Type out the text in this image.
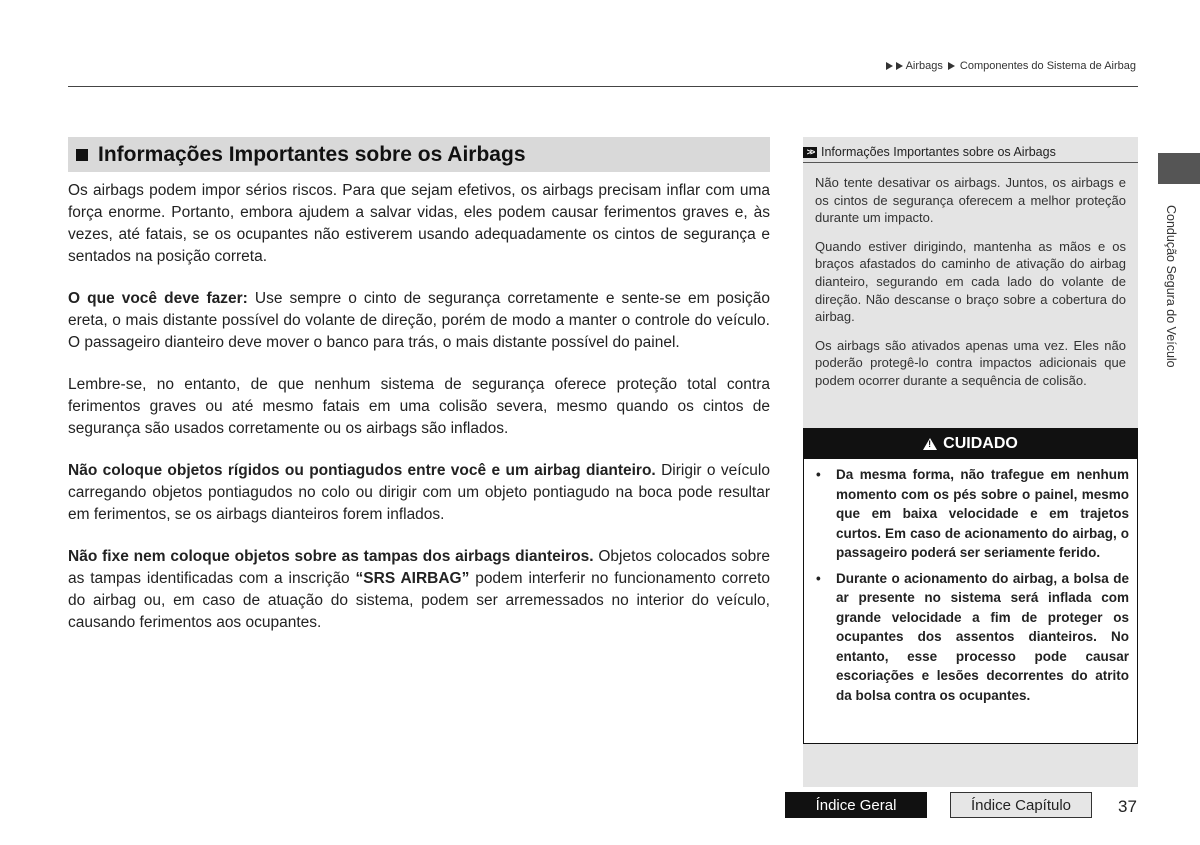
Airbags Componentes do Sistema de Airbag
Informações Importantes sobre os Airbags

Os airbags podem impor sérios riscos. Para que sejam efetivos, os airbags precisam inflar com uma força enorme. Portanto, embora ajudem a salvar vidas, eles podem causar ferimentos graves e, às vezes, até fatais, se os ocupantes não estiverem usando adequadamente os cintos de segurança e sentados na posição correta.

O que você deve fazer: Use sempre o cinto de segurança corretamente e sente-se em posição ereta, o mais distante possível do volante de direção, porém de modo a manter o controle do veículo. O passageiro dianteiro deve mover o banco para trás, o mais distante possível do painel.

Lembre-se, no entanto, de que nenhum sistema de segurança oferece proteção total contra ferimentos graves ou até mesmo fatais em uma colisão severa, mesmo quando os cintos de segurança são usados corretamente ou os airbags são inflados.

Não coloque objetos rígidos ou pontiagudos entre você e um airbag dianteiro. Dirigir o veículo carregando objetos pontiagudos no colo ou dirigir com um objeto pontiagudo na boca pode resultar em ferimentos, se os airbags dianteiros forem inflados.

Não fixe nem coloque objetos sobre as tampas dos airbags dianteiros. Objetos colocados sobre as tampas identificadas com a inscrição “SRS AIRBAG” podem interferir no funcionamento correto do airbag ou, em caso de atuação do sistema, podem ser arremessados no interior do veículo, causando ferimentos aos ocupantes.

>> Informações Importantes sobre os Airbags

Não tente desativar os airbags. Juntos, os airbags e os cintos de segurança oferecem a melhor proteção durante um impacto.

Quando estiver dirigindo, mantenha as mãos e os braços afastados do caminho de ativação do airbag dianteiro, segurando em cada lado do volante de direção. Não descanse o braço sobre a cobertura do airbag.

Os airbags são ativados apenas uma vez. Eles não poderão protegê-lo contra impactos adicionais que podem ocorrer durante a sequência de colisão.

!
CUIDADO
• Da mesma forma, não trafegue em nenhum momento com os pés sobre o painel, mesmo que em baixa velocidade e em trajetos curtos. Em caso de acionamento do airbag, o passageiro poderá ser seriamente ferido.
• Durante o acionamento do airbag, a bolsa de ar presente no sistema será inflada com grande velocidade a fim de proteger os ocupantes dos assentos dianteiros. No entanto, esse processo pode causar escoriações e lesões decorrentes do atrito da bolsa contra os ocupantes.
Condução Segura do Veículo
Índice Geral	Índice Capítulo	37
